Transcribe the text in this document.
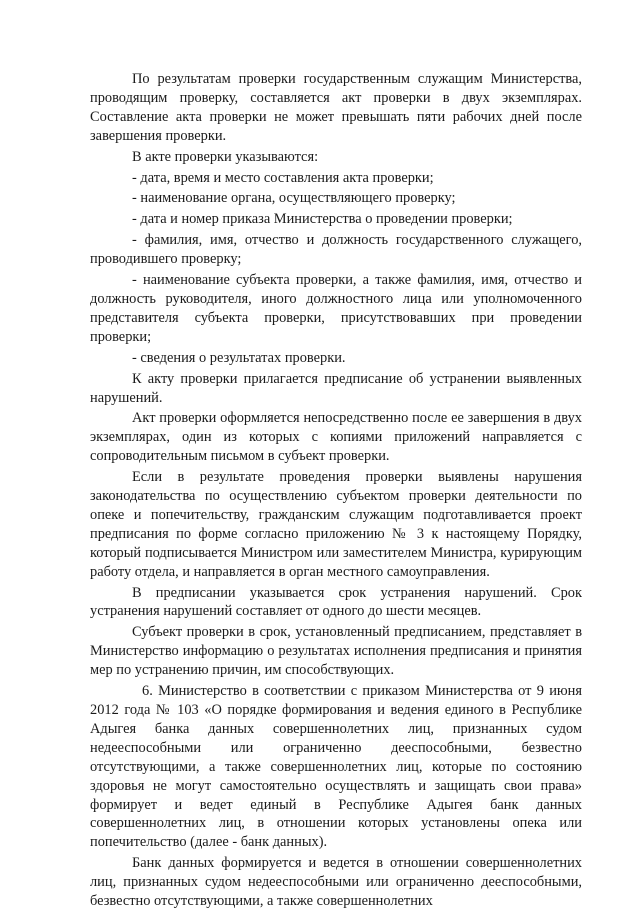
По результатам проверки государственным служащим Министерства, проводящим проверку, составляется акт проверки в двух экземплярах. Составление акта проверки не может превышать пяти рабочих дней после завершения проверки.

В акте проверки указываются:

- дата, время и место составления акта проверки;

- наименование органа, осуществляющего проверку;

- дата и номер приказа Министерства о проведении проверки;

- фамилия, имя, отчество и должность государственного служащего, проводившего проверку;

- наименование субъекта проверки, а также фамилия, имя, отчество и должность руководителя, иного должностного лица или уполномоченного представителя субъекта проверки, присутствовавших при проведении проверки;

- сведения о результатах проверки.

К акту проверки прилагается предписание об устранении выявленных нарушений.

Акт проверки оформляется непосредственно после ее завершения в двух экземплярах, один из которых с копиями приложений направляется с сопроводительным письмом в субъект проверки.

Если в результате проведения проверки выявлены нарушения законодательства по осуществлению субъектом проверки деятельности по опеке и попечительству, гражданским служащим подготавливается проект предписания по форме согласно приложению № 3 к настоящему Порядку, который подписывается Министром или заместителем Министра, курирующим работу отдела, и направляется в орган местного самоуправления.

В предписании указывается срок устранения нарушений. Срок устранения нарушений составляет от одного до шести месяцев.

Субъект проверки в срок, установленный предписанием, представляет в Министерство информацию о результатах исполнения предписания и принятия мер по устранению причин, им способствующих.

6. Министерство в соответствии с приказом Министерства от 9 июня 2012 года № 103 «О порядке формирования и ведения единого в Республике Адыгея банка данных совершеннолетних лиц, признанных судом недееспособными или ограниченно дееспособными, безвестно отсутствующими, а также совершеннолетних лиц, которые по состоянию здоровья не могут самостоятельно осуществлять и защищать свои права» формирует и ведет единый в Республике Адыгея банк данных совершеннолетних лиц, в отношении которых установлены опека или попечительство (далее - банк данных).

Банк данных формируется и ведется в отношении совершеннолетних лиц, признанных судом недееспособными или ограниченно дееспособными, безвестно отсутствующими, а также совершеннолетних
